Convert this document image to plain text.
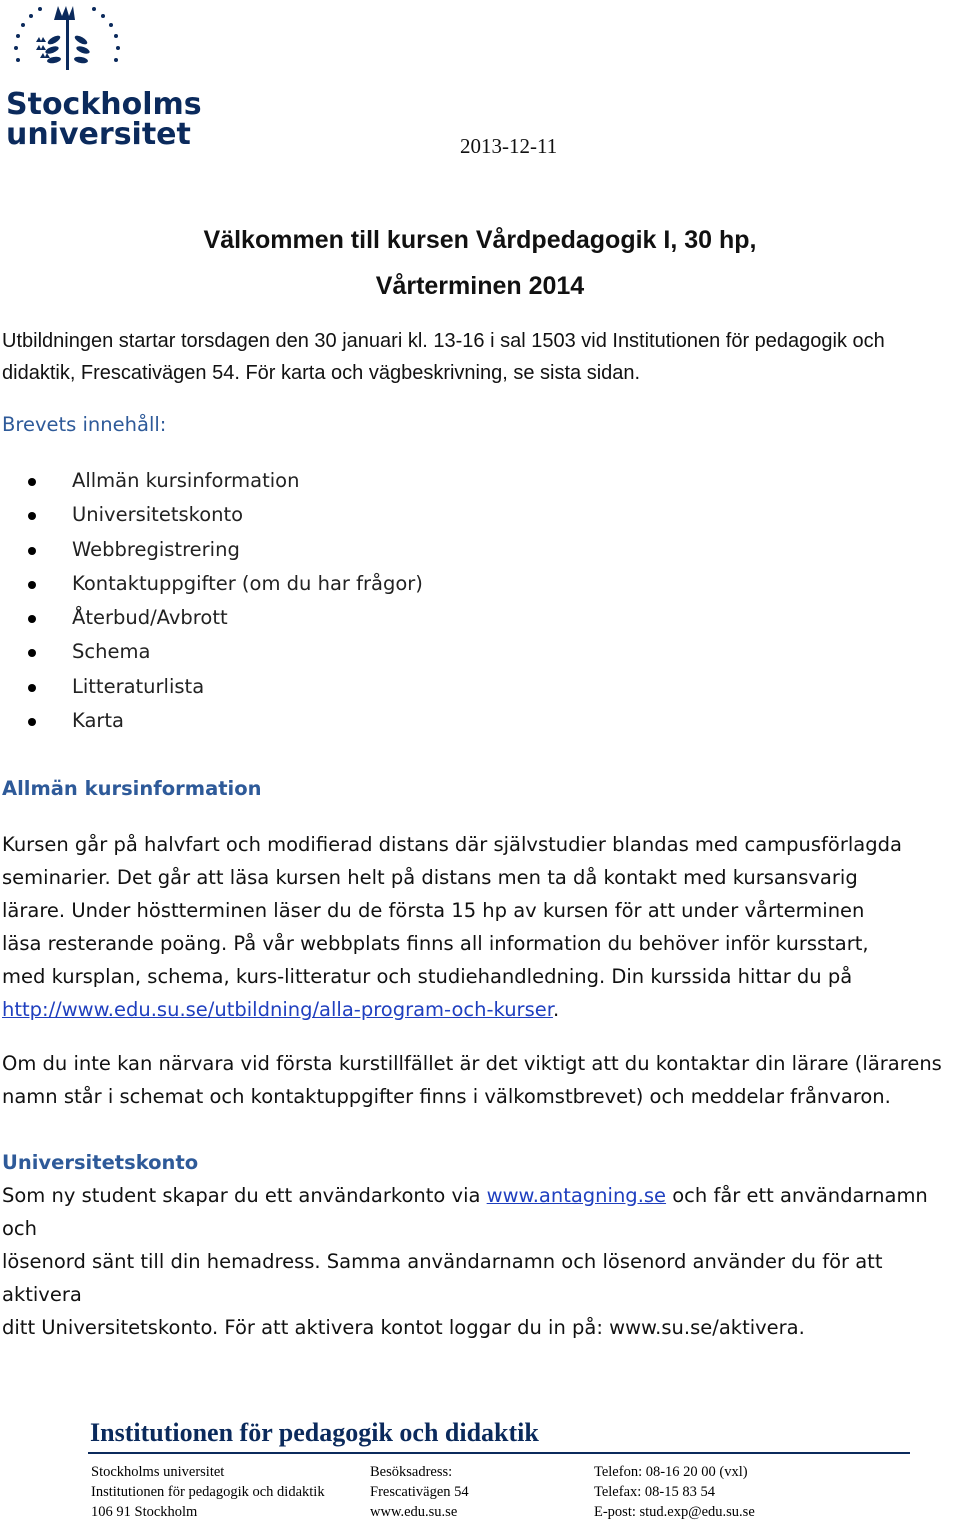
Stockholms
universitet	2013-12-11
Välkommen till kursen Vårdpedagogik I, 30 hp,
Vårterminen 2014
Utbildningen startar torsdagen den 30 januari kl. 13-16 i sal 1503 vid Institutionen för pedagogik och
didaktik, Frescativägen 54. För karta och vägbeskrivning, se sista sidan.
Brevets innehåll:
Allmän kursinformation
Universitetskonto
Webbregistrering
Kontaktuppgifter (om du har frågor)
Återbud/Avbrott
Schema
Litteraturlista
Karta
Allmän kursinformation
Kursen går på halvfart och modifierad distans där självstudier blandas med campusförlagda
seminarier. Det går att läsa kursen helt på distans men ta då kontakt med kursansvarig
lärare. Under höstterminen läser du de första 15 hp av kursen för att under vårterminen
läsa resterande poäng. På vår webbplats finns all information du behöver inför kursstart,
med kursplan, schema, kurs-litteratur och studiehandledning. Din kurssida hittar du på
http://www.edu.su.se/utbildning/alla-program-och-kurser.
Om du inte kan närvara vid första kurstillfället är det viktigt att du kontaktar din lärare (lärarens
namn står i schemat och kontaktuppgifter finns i välkomstbrevet) och meddelar frånvaron.
Universitetskonto
Som ny student skapar du ett användarkonto via www.antagning.se och får ett användarnamn och
lösenord sänt till din hemadress. Samma användarnamn och lösenord använder du för att aktivera
ditt Universitetskonto. För att aktivera kontot loggar du in på: www.su.se/aktivera.
Institutionen för pedagogik och didaktik
Stockholms universitet
Institutionen för pedagogik och didaktik
106 91 Stockholm
Besöksadress:
Frescativägen 54
www.edu.su.se
Telefon: 08-16 20 00 (vxl)
Telefax: 08-15 83 54
E-post: stud.exp@edu.su.se
